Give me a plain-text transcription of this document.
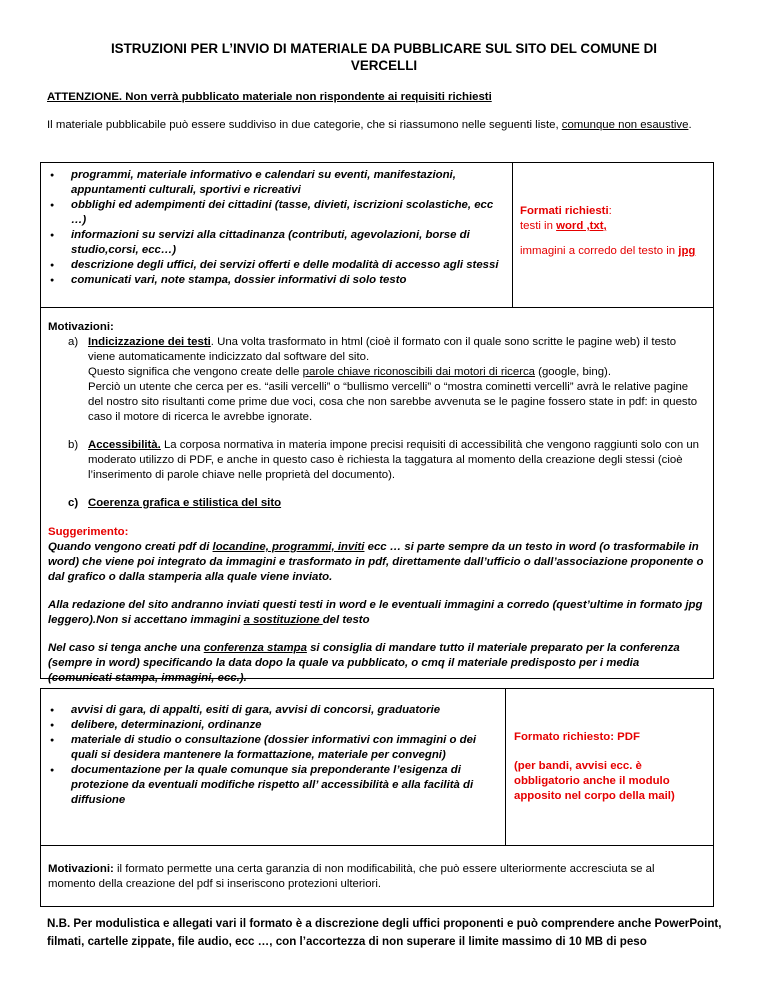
ISTRUZIONI PER L’INVIO DI MATERIALE DA PUBBLICARE SUL SITO DEL COMUNE DI
VERCELLI

ATTENZIONE. Non verrà pubblicato materiale non rispondente ai requisiti richiesti

Il materiale pubblicabile può essere suddiviso in due categorie, che si riassumono nelle seguenti liste, comunque non esaustive.

● programmi, materiale informativo e calendari su eventi, manifestazioni, appuntamenti culturali, sportivi e ricreativi
● obblighi ed adempimenti dei cittadini (tasse, divieti, iscrizioni scolastiche, ecc …)
● informazioni su servizi alla cittadinanza (contributi, agevolazioni, borse di studio,corsi, ecc…)
● descrizione degli uffici, dei servizi offerti e delle modalità di accesso agli stessi
● comunicati vari, note stampa, dossier informativi di solo testo

Formati richiesti:

testi in word ,txt,

immagini a corredo del testo in jpg

Motivazioni:

a) Indicizzazione dei testi. Una volta trasformato in html (cioè il formato con il quale sono scritte le pagine web) il testo viene automaticamente indicizzato dal software del sito.

Questo significa che vengono create delle parole chiave riconoscibili dai motori di ricerca (google, bing).

Perciò un utente che cerca per es. “asili vercelli” o “bullismo vercelli” o “mostra cominetti vercelli” avrà le relative pagine del nostro sito risultanti come prime due voci, cosa che non sarebbe avvenuta se le pagine fossero state in pdf: in questo caso il motore di ricerca le avrebbe ignorate.

b) Accessibilità. La corposa normativa in materia impone precisi requisiti di accessibilità che vengono raggiunti solo con un moderato utilizzo di PDF, e anche in questo caso è richiesta la taggatura al momento della creazione degli stessi (cioè l’inserimento di parole chiave nelle proprietà del documento).

c) Coerenza grafica e stilistica del sito

Suggerimento:

Quando vengono creati pdf di locandine, programmi, inviti ecc … si parte sempre da un testo in word (o trasformabile in word) che viene poi integrato da immagini e trasformato in pdf, direttamente dall’ufficio o dall’associazione proponente o dal grafico o dalla stamperia alla quale viene inviato.

Alla redazione del sito andranno inviati questi testi in word e le eventuali immagini a corredo (quest’ultime in formato jpg leggero).Non si accettano immagini a sostituzione del testo

Nel caso si tenga anche una conferenza stampa si consiglia di mandare tutto il materiale preparato per la conferenza (sempre in word) specificando la data dopo la quale va pubblicato, o cmq il materiale predisposto per i media (comunicati stampa, immagini, ecc.).

● avvisi di gara, di appalti, esiti di gara, avvisi di concorsi, graduatorie
● delibere, determinazioni, ordinanze
● materiale di studio o consultazione (dossier informativi con immagini o dei quali si desidera mantenere la formattazione, materiale per convegni)
● documentazione per la quale comunque sia preponderante l’esigenza di protezione da eventuali modifiche rispetto all’ accessibilità e alla facilità di diffusione

Formato richiesto: PDF

(per bandi, avvisi ecc. è obbligatorio anche il modulo apposito nel corpo della mail)

Motivazioni: il formato permette una certa garanzia di non modificabilità, che può essere ulteriormente accresciuta se al momento della creazione del pdf si inseriscono protezioni ulteriori.

N.B. Per modulistica e allegati vari il formato è a discrezione degli uffici proponenti e può comprendere anche PowerPoint, filmati, cartelle zippate, file audio, ecc …, con l’accortezza di non superare il limite massimo di 10 MB di peso
